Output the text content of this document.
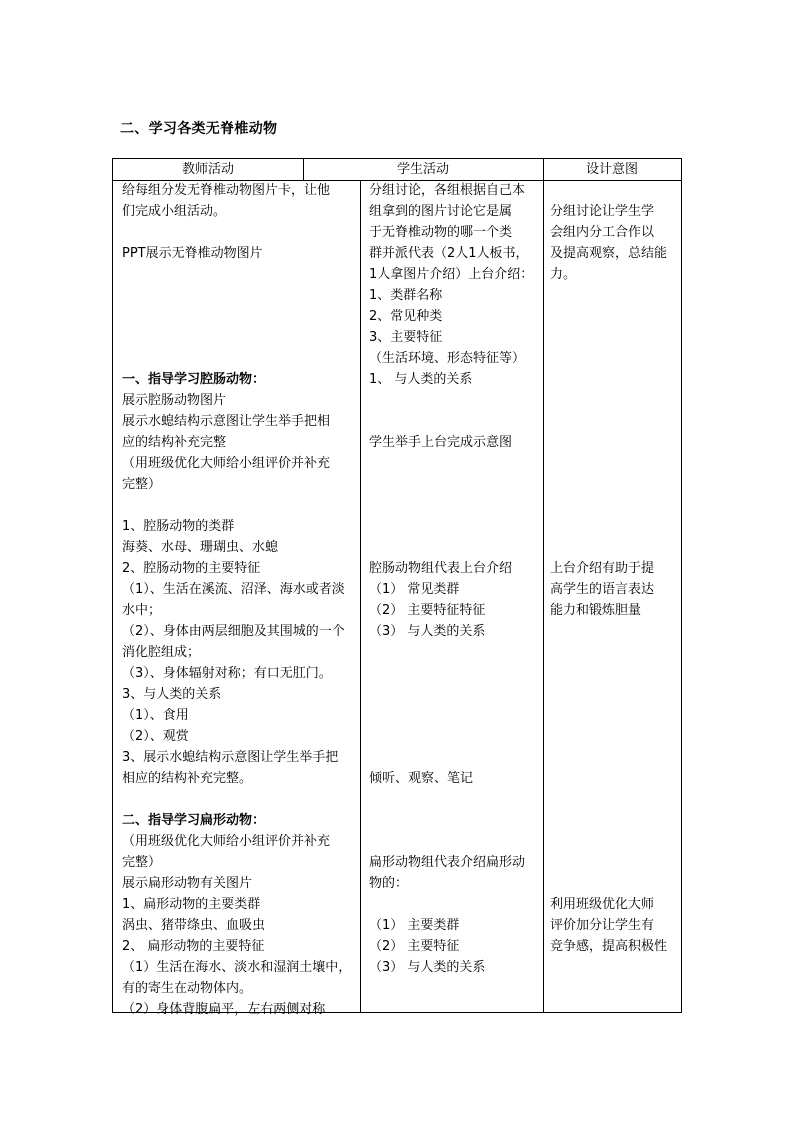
二、学习各类无脊椎动物
教师活动	学生活动	设计意图
给每组分发无脊椎动物图片卡，让他
们完成小组活动。
PPT展示无脊椎动物图片
一、指导学习腔肠动物：
展示腔肠动物图片
展示水螅结构示意图让学生举手把相
应的结构补充完整
（用班级优化大师给小组评价并补充
完整）
1、腔肠动物的类群
海葵、水母、珊瑚虫、水螅
2、腔肠动物的主要特征
（1）、生活在溪流、沼泽、海水或者淡
水中；
（2）、身体由两层细胞及其围城的一个
消化腔组成；
（3）、身体辐射对称；有口无肛门。
3、与人类的关系
（1）、食用
（2）、观赏
3、展示水螅结构示意图让学生举手把
相应的结构补充完整。
二、指导学习扁形动物：
（用班级优化大师给小组评价并补充
完整）
展示扁形动物有关图片
1、扁形动物的主要类群
涡虫、猪带绦虫、血吸虫
2、 扁形动物的主要特征
（1）生活在海水、淡水和湿润土壤中，
有的寄生在动物体内。
（2）身体背腹扁平，左右两侧对称
分组讨论，各组根据自己本
组拿到的图片讨论它是属
于无脊椎动物的哪一个类
群并派代表（2人1人板书，
1人拿图片介绍）上台介绍：
1、类群名称
2、常见种类
3、主要特征
（生活环境、形态特征等）
1、 与人类的关系
学生举手上台完成示意图
腔肠动物组代表上台介绍
（1） 常见类群
（2） 主要特征特征
（3） 与人类的关系
倾听、观察、笔记
扁形动物组代表介绍扁形动
物的：
（1） 主要类群
（2） 主要特征
（3） 与人类的关系
分组讨论让学生学
会组内分工合作以
及提高观察，总结能
力。
上台介绍有助于提
高学生的语言表达
能力和锻炼胆量
利用班级优化大师
评价加分让学生有
竞争感，提高积极性
